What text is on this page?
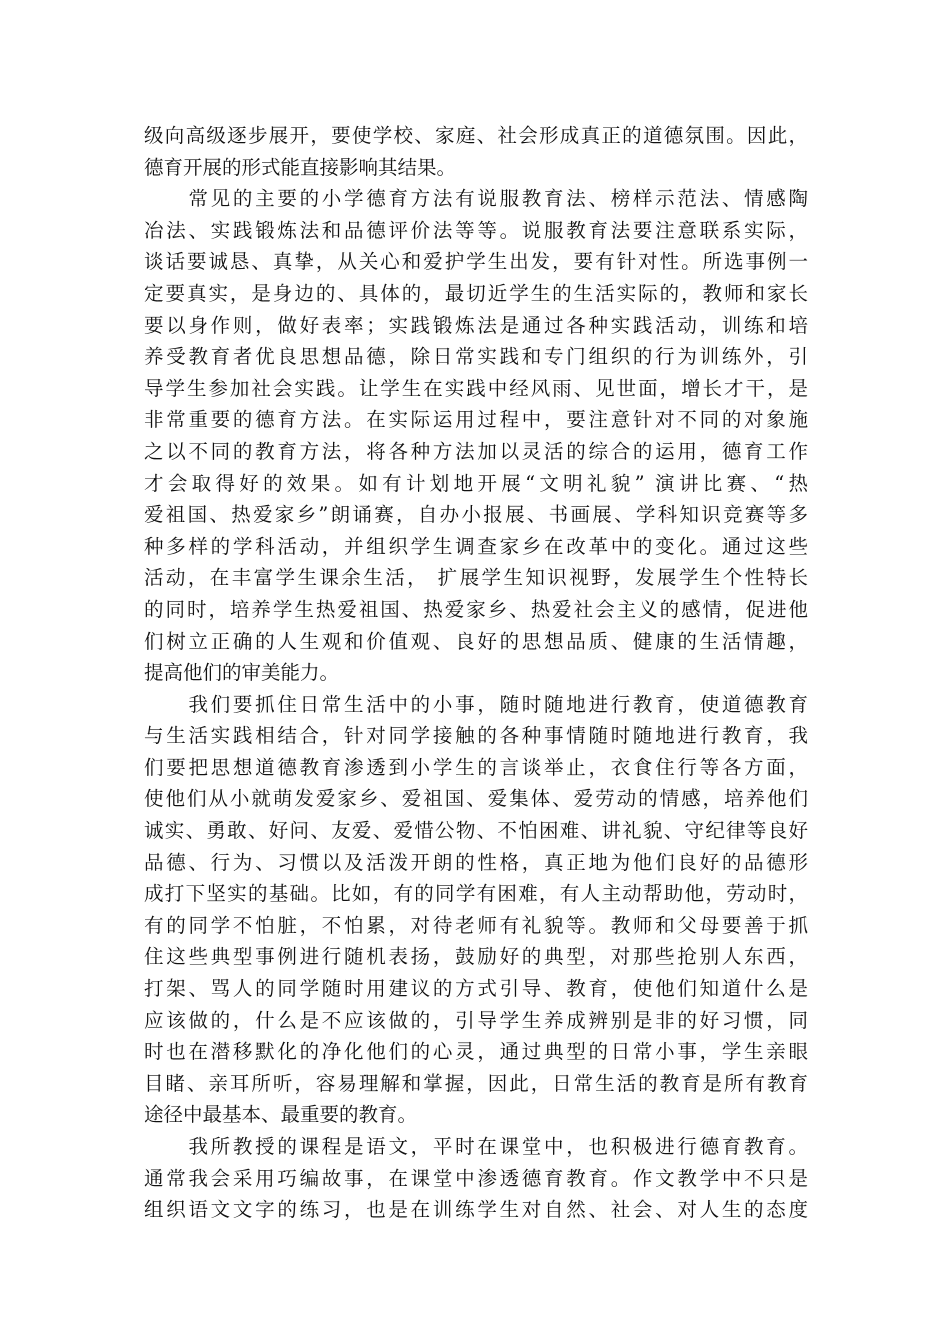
级向高级逐步展开，要使学校、家庭、社会形成真正的道德氛围。因此，
德育开展的形式能直接影响其结果。
　　常见的主要的小学德育方法有说服教育法、榜样示范法、情感陶
冶法、实践锻炼法和品德评价法等等。说服教育法要注意联系实际，
谈话要诚恳、真挚，从关心和爱护学生出发，要有针对性。所选事例一
定要真实，是身边的、具体的，最切近学生的生活实际的，教师和家长
要以身作则，做好表率；实践锻炼法是通过各种实践活动，训练和培
养受教育者优良思想品德，除日常实践和专门组织的行为训练外，引
导学生参加社会实践。让学生在实践中经风雨、见世面，增长才干，是
非常重要的德育方法。在实际运用过程中，要注意针对不同的对象施
之以不同的教育方法，将各种方法加以灵活的综合的运用，德育工作
才会取得好的效果。如有计划地开展“文明礼貌” 演讲比赛、“热
爱祖国、热爱家乡”朗诵赛，自办小报展、书画展、学科知识竞赛等多
种多样的学科活动，并组织学生调查家乡在改革中的变化。通过这些
活动，在丰富学生课余生活， 扩展学生知识视野，发展学生个性特长
的同时，培养学生热爱祖国、热爱家乡、热爱社会主义的感情，促进他
们树立正确的人生观和价值观、良好的思想品质、健康的生活情趣，
提高他们的审美能力。
　　我们要抓住日常生活中的小事，随时随地进行教育，使道德教育
与生活实践相结合，针对同学接触的各种事情随时随地进行教育，我
们要把思想道德教育渗透到小学生的言谈举止，衣食住行等各方面，
使他们从小就萌发爱家乡、爱祖国、爱集体、爱劳动的情感，培养他们
诚实、勇敢、好问、友爱、爱惜公物、不怕困难、讲礼貌、守纪律等良好
品德、行为、习惯以及活泼开朗的性格，真正地为他们良好的品德形
成打下坚实的基础。比如，有的同学有困难，有人主动帮助他，劳动时，
有的同学不怕脏，不怕累，对待老师有礼貌等。教师和父母要善于抓
住这些典型事例进行随机表扬，鼓励好的典型，对那些抢别人东西，
打架、骂人的同学随时用建议的方式引导、教育，使他们知道什么是
应该做的，什么是不应该做的，引导学生养成辨别是非的好习惯，同
时也在潜移默化的净化他们的心灵，通过典型的日常小事，学生亲眼
目睹、亲耳所听，容易理解和掌握，因此，日常生活的教育是所有教育
途径中最基本、最重要的教育。
　　我所教授的课程是语文，平时在课堂中，也积极进行德育教育。
通常我会采用巧编故事，在课堂中渗透德育教育。作文教学中不只是
组织语文文字的练习，也是在训练学生对自然、社会、对人生的态度
